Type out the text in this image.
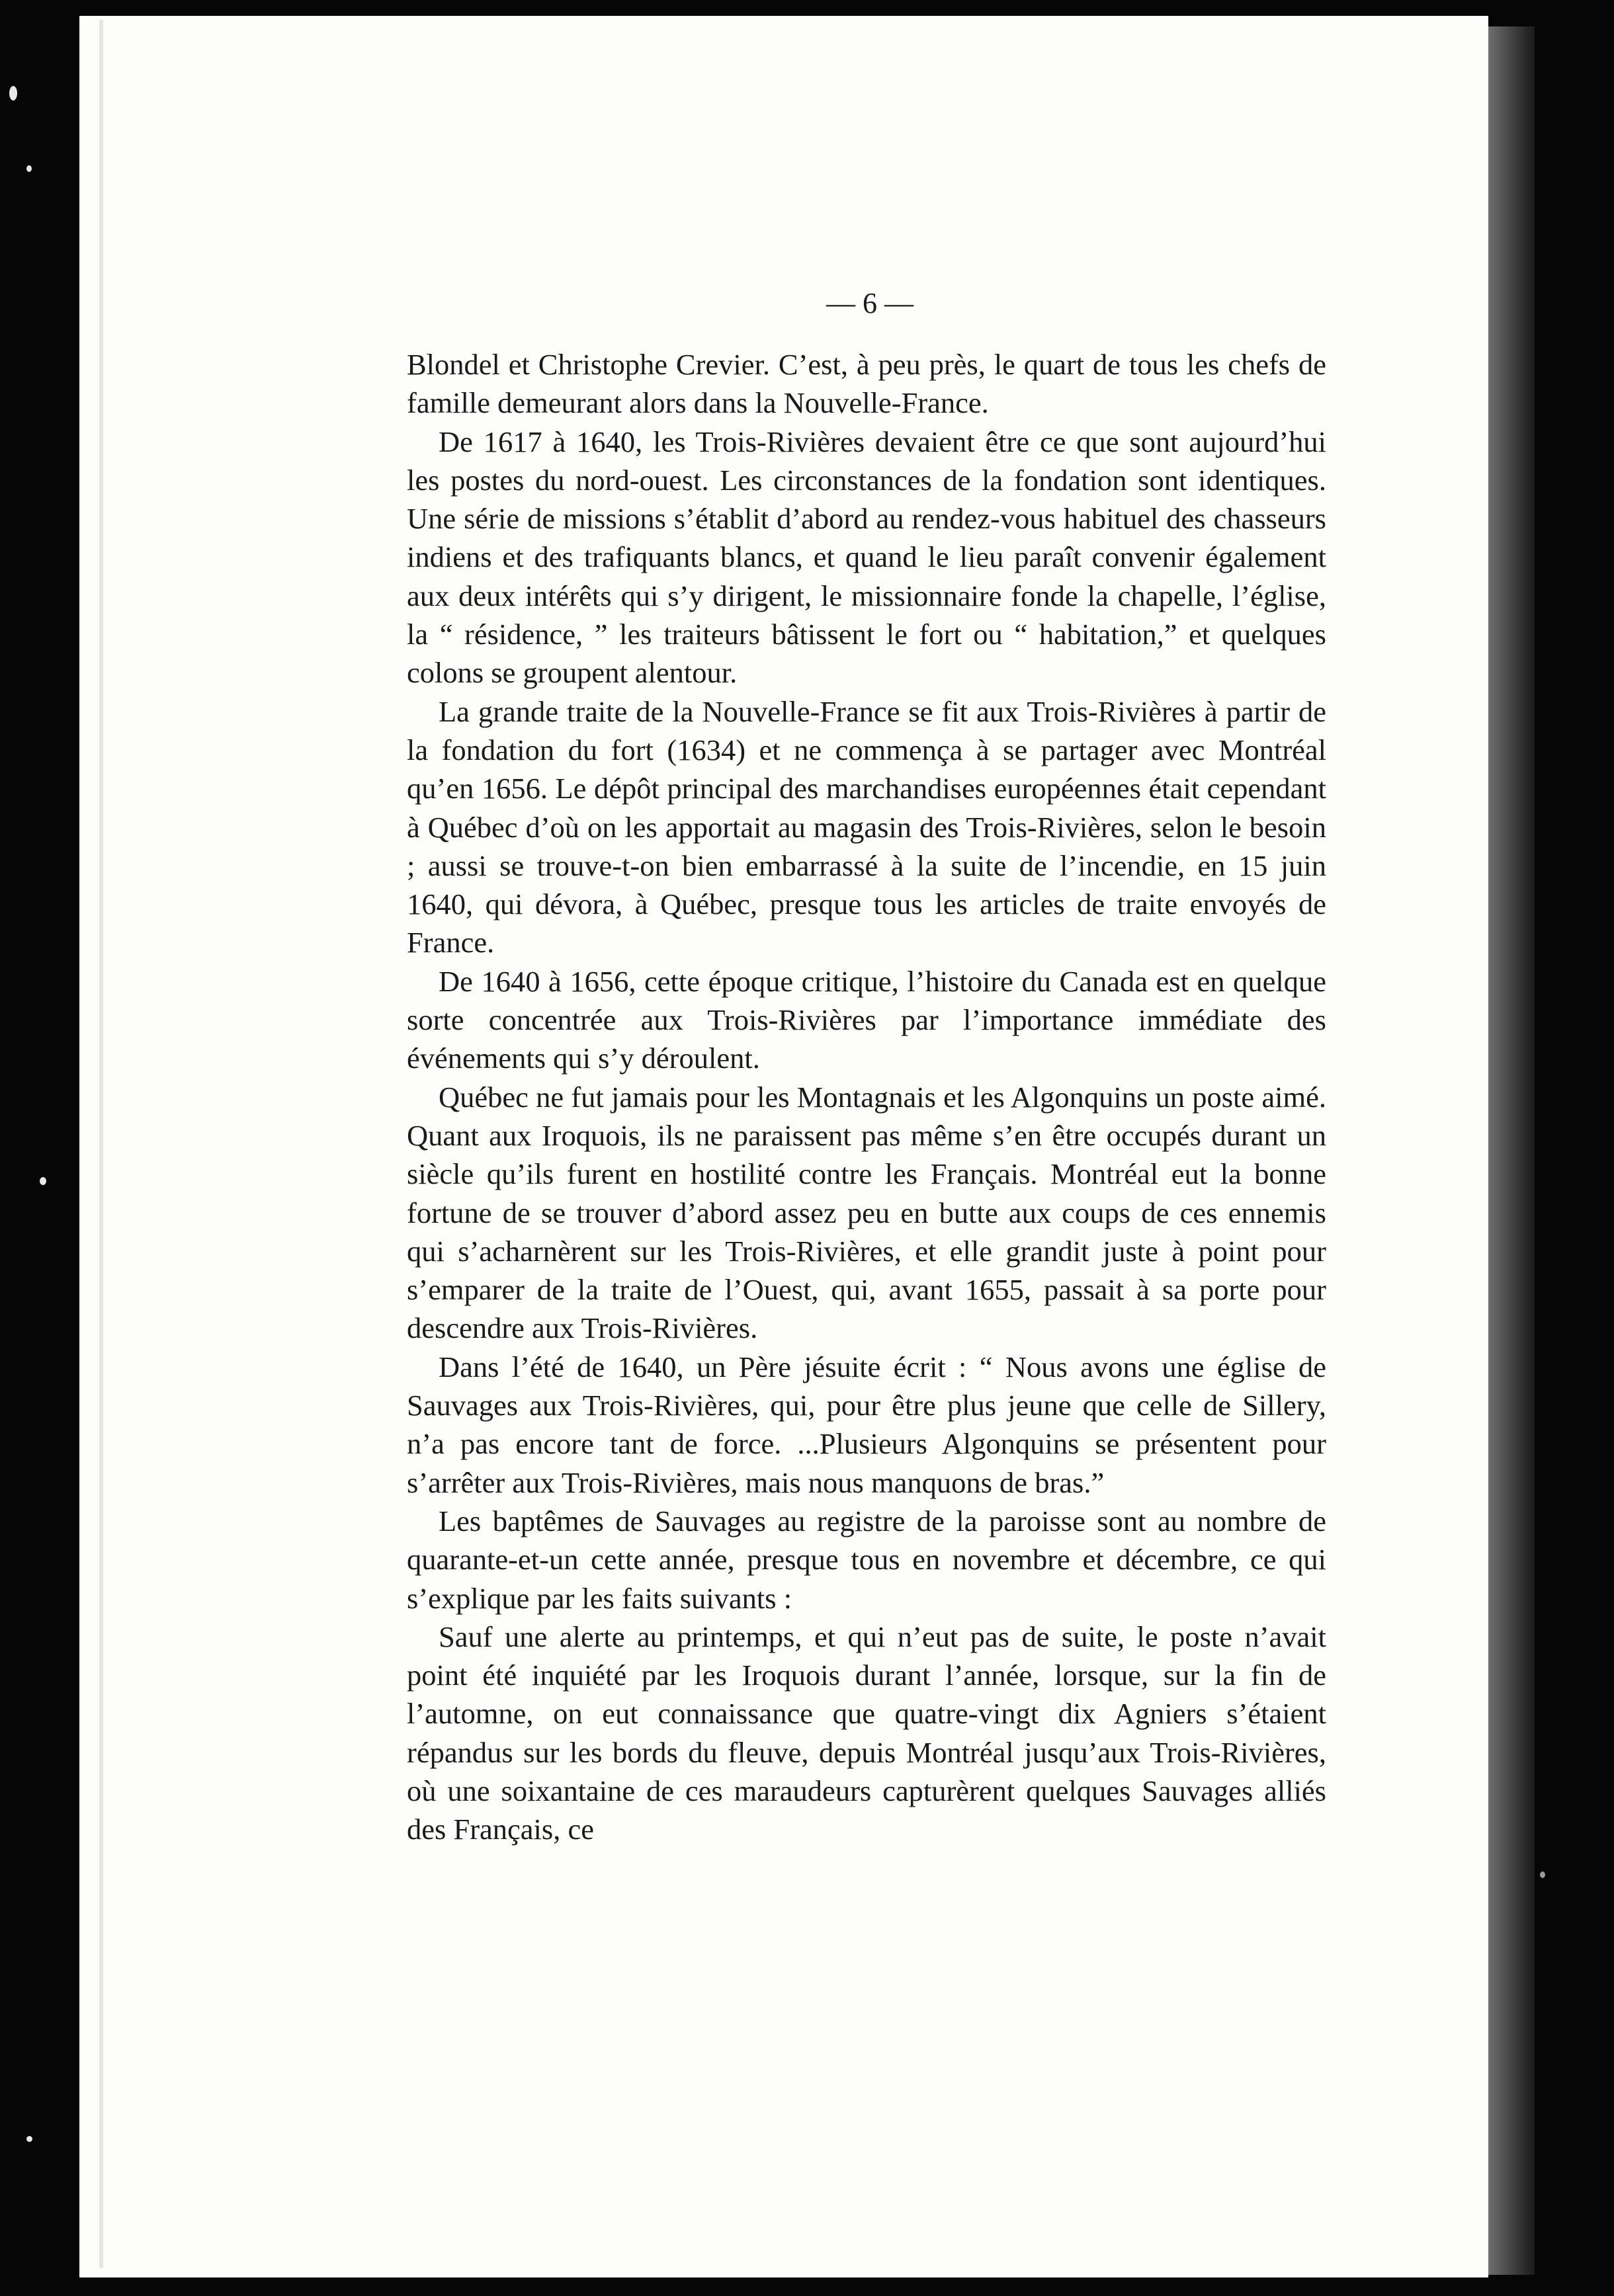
— 6 —

Blondel et Christophe Crevier. C’est, à peu près, le quart de tous les chefs de famille demeurant alors dans la Nouvelle-France.

De 1617 à 1640, les Trois-Rivières devaient être ce que sont aujourd’hui les postes du nord-ouest. Les circonstances de la fondation sont identiques. Une série de missions s’établit d’abord au rendez-vous habituel des chasseurs indiens et des trafiquants blancs, et quand le lieu paraît convenir également aux deux intérêts qui s’y dirigent, le missionnaire fonde la chapelle, l’église, la “ résidence, ” les traiteurs bâtissent le fort ou “ habitation,” et quelques colons se groupent alentour.

La grande traite de la Nouvelle-France se fit aux Trois-Rivières à partir de la fondation du fort (1634) et ne commença à se partager avec Montréal qu’en 1656. Le dépôt principal des marchandises européennes était cependant à Québec d’où on les apportait au magasin des Trois-Rivières, selon le besoin ; aussi se trouve-t-on bien embarrassé à la suite de l’incendie, en 15 juin 1640, qui dévora, à Québec, presque tous les articles de traite envoyés de France.

De 1640 à 1656, cette époque critique, l’histoire du Canada est en quelque sorte concentrée aux Trois-Rivières par l’importance immédiate des événements qui s’y déroulent.

Québec ne fut jamais pour les Montagnais et les Algonquins un poste aimé. Quant aux Iroquois, ils ne paraissent pas même s’en être occupés durant un siècle qu’ils furent en hostilité contre les Français. Montréal eut la bonne fortune de se trouver d’abord assez peu en butte aux coups de ces ennemis qui s’acharnèrent sur les Trois-Rivières, et elle grandit juste à point pour s’emparer de la traite de l’Ouest, qui, avant 1655, passait à sa porte pour descendre aux Trois-Rivières.

Dans l’été de 1640, un Père jésuite écrit : “ Nous avons une église de Sauvages aux Trois-Rivières, qui, pour être plus jeune que celle de Sillery, n’a pas encore tant de force. ...Plusieurs Algonquins se présentent pour s’arrêter aux Trois-Rivières, mais nous manquons de bras.”

Les baptêmes de Sauvages au registre de la paroisse sont au nombre de quarante-et-un cette année, presque tous en novembre et décembre, ce qui s’explique par les faits suivants :

Sauf une alerte au printemps, et qui n’eut pas de suite, le poste n’avait point été inquiété par les Iroquois durant l’année, lorsque, sur la fin de l’automne, on eut connaissance que quatre-vingt dix Agniers s’étaient répandus sur les bords du fleuve, depuis Montréal jusqu’aux Trois-Rivières, où une soixantaine de ces maraudeurs capturèrent quelques Sauvages alliés des Français, ce
